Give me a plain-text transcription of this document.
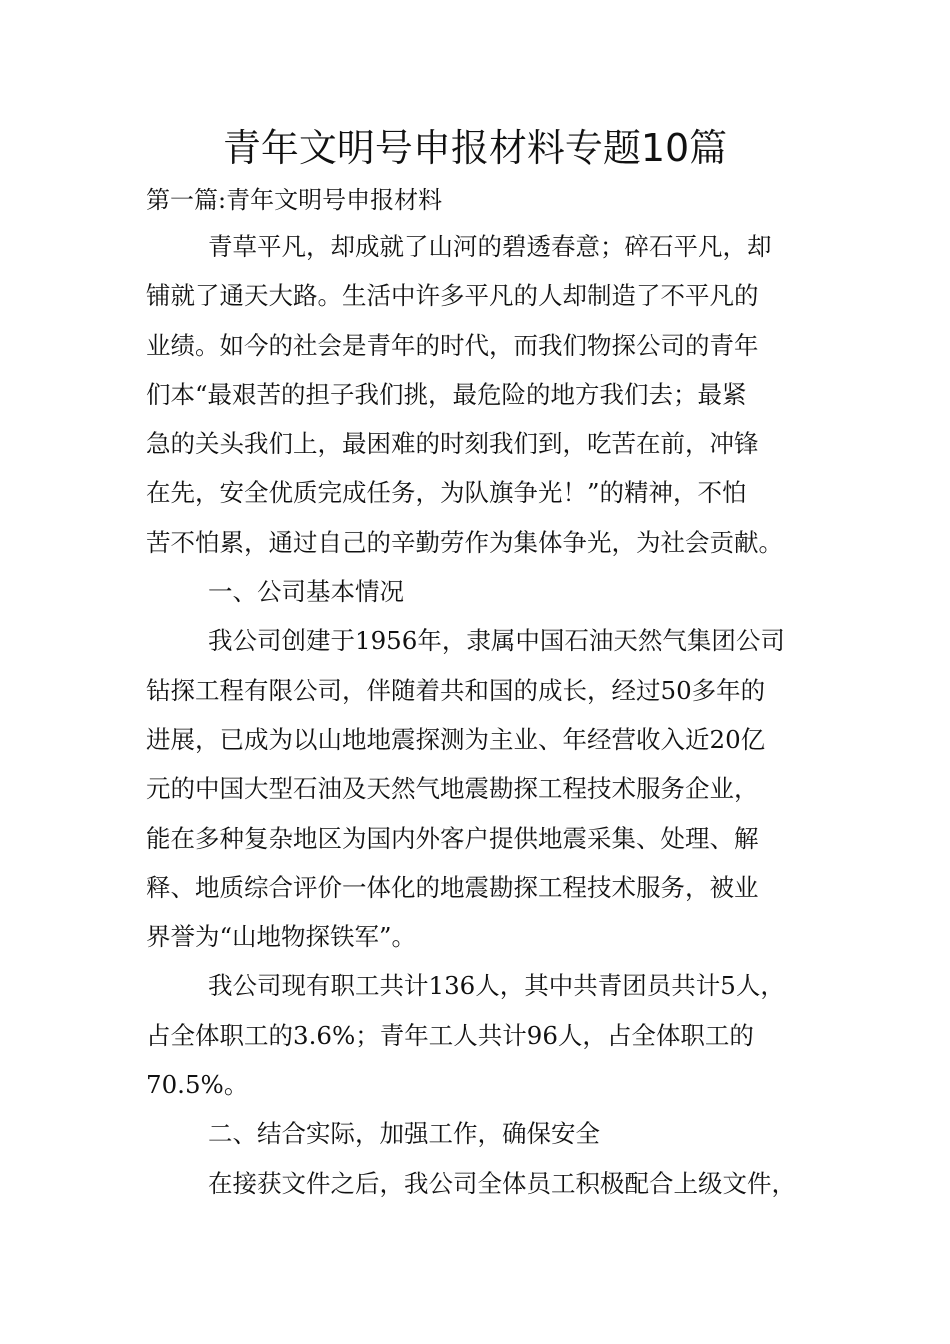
青年文明号申报材料专题10篇

第一篇:青年文明号申报材料

青草平凡，却成就了山河的碧透春意；碎石平凡，却
铺就了通天大路。生活中许多平凡的人却制造了不平凡的
业绩。如今的社会是青年的时代，而我们物探公司的青年
们本“最艰苦的担子我们挑，最危险的地方我们去；最紧
急的关头我们上，最困难的时刻我们到，吃苦在前，冲锋
在先，安全优质完成任务，为队旗争光！”的精神，不怕
苦不怕累，通过自己的辛勤劳作为集体争光，为社会贡献。
一、公司基本情况
我公司创建于1956年，隶属中国石油天然气集团公司
钻探工程有限公司，伴随着共和国的成长，经过50多年的
进展，已成为以山地地震探测为主业、年经营收入近20亿
元的中国大型石油及天然气地震勘探工程技术服务企业，
能在多种复杂地区为国内外客户提供地震采集、处理、解
释、地质综合评价一体化的地震勘探工程技术服务，被业
界誉为“山地物探铁军”。
我公司现有职工共计136人，其中共青团员共计5人，
占全体职工的3.6%；青年工人共计96人，占全体职工的
70.5%。
二、结合实际，加强工作，确保安全
在接获文件之后，我公司全体员工积极配合上级文件，
